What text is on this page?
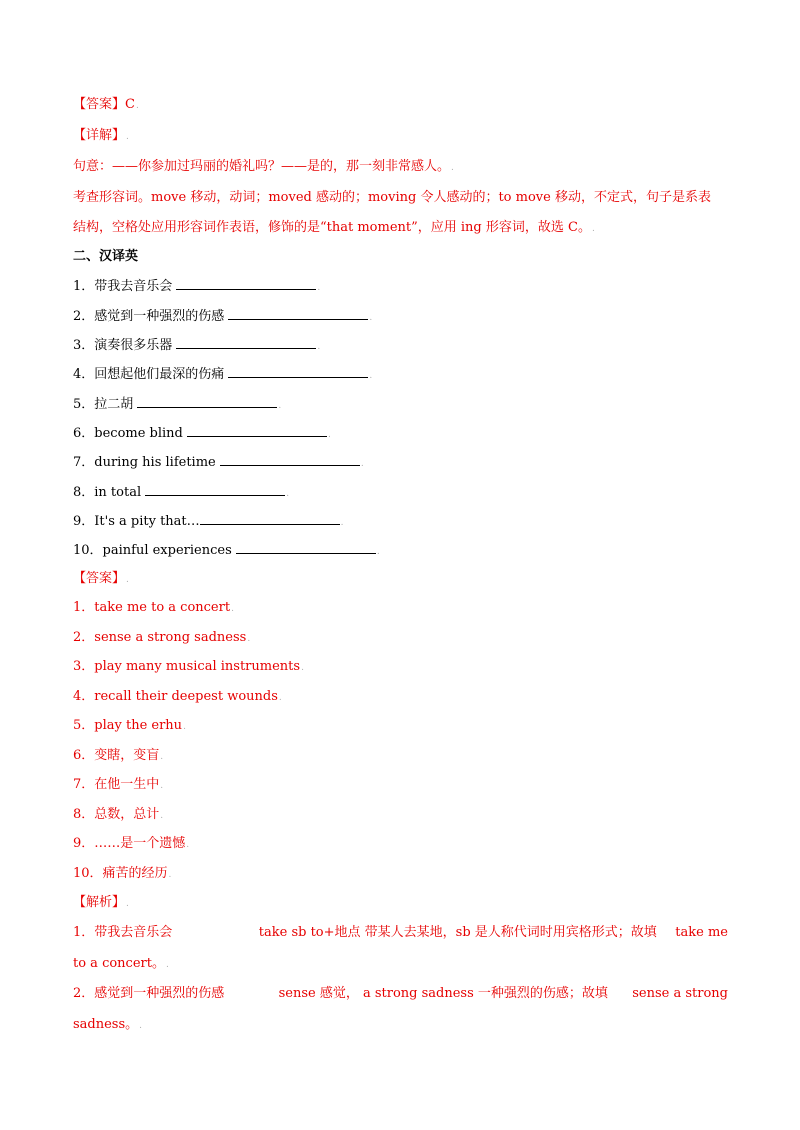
【答案】C.
【详解】.
句意：——你参加过玛丽的婚礼吗？——是的，那一刻非常感人。.
考查形容词。move 移动，动词；moved 感动的；moving 令人感动的；to move 移动，不定式，句子是系表
结构，空格处应用形容词作表语，修饰的是“that moment”，应用 ing 形容词，故选 C。.
二、汉译英
1．带我去音乐会	.
2．感觉到一种强烈的伤感	.
3．演奏很多乐器	.
4．回想起他们最深的伤痛	.
5．拉二胡	.
6．become blind	.
7．during his lifetime	.
8．in total	.
9．It's a pity that…	.
10．painful experiences	.
【答案】.
1．take me to a concert.
2．sense a strong sadness.
3．play many musical instruments.
4．recall their deepest wounds.
5．play the erhu.
6．变瞎，变盲.
7．在他一生中.
8．总数，总计.
9．……是一个遗憾.
10．痛苦的经历.
【解析】.
1．带我去音乐会	take sb to+地点 带某人去某地，sb 是人称代词时用宾格形式；故填 take me
to a concert。.
2．感觉到一种强烈的伤感	sense 感觉， a strong sadness 一种强烈的伤感；故填 sense a strong
sadness。.
